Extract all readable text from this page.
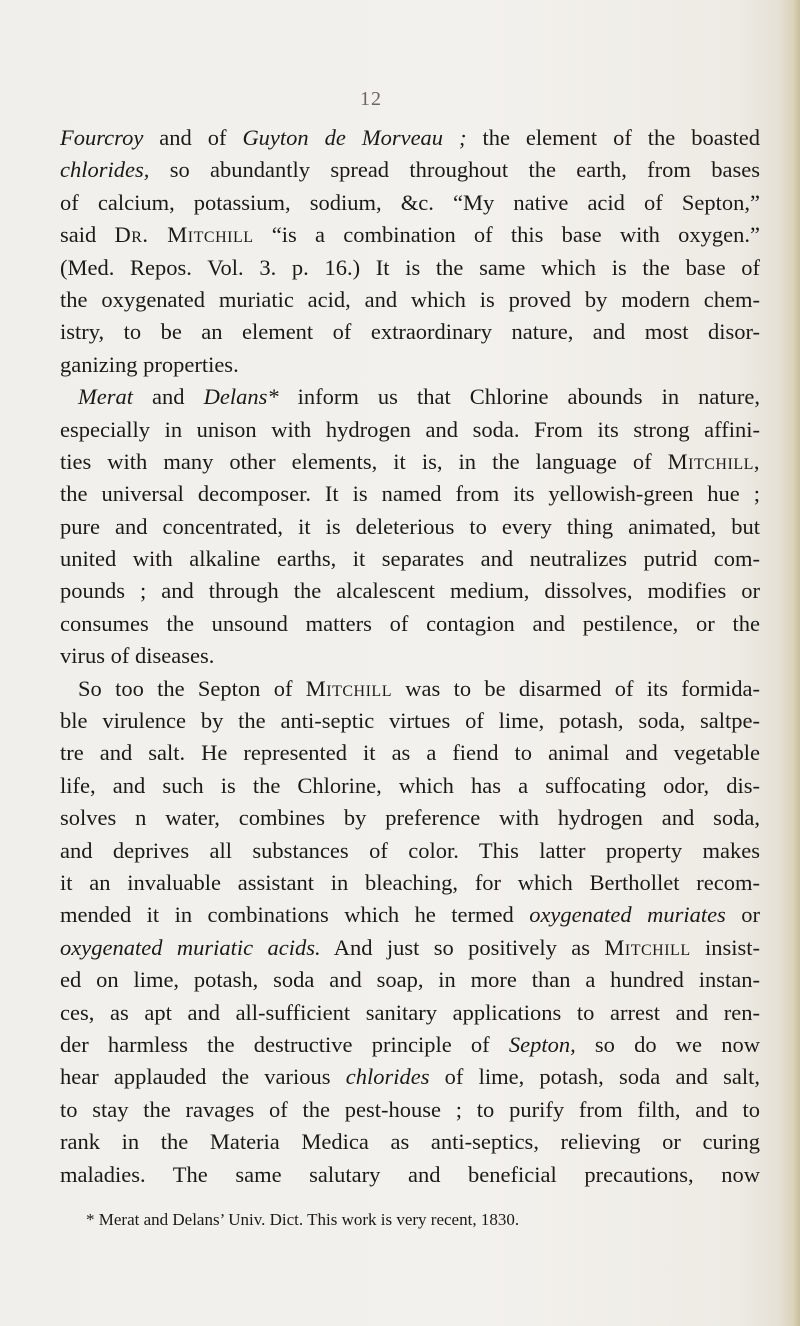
12
Fourcroy and of Guyton de Morveau ; the element of the boasted
chlorides, so abundantly spread throughout the earth, from bases
of calcium, potassium, sodium, &c. “My native acid of Septon,”
said Dr. Mitchill “is a combination of this base with oxygen.”
(Med. Repos. Vol. 3. p. 16.) It is the same which is the base of
the oxygenated muriatic acid, and which is proved by modern chem-
istry, to be an element of extraordinary nature, and most disor-
ganizing properties.
Merat and Delans* inform us that Chlorine abounds in nature,
especially in unison with hydrogen and soda. From its strong affini-
ties with many other elements, it is, in the language of Mitchill,
the universal decomposer. It is named from its yellowish-green hue ;
pure and concentrated, it is deleterious to every thing animated, but
united with alkaline earths, it separates and neutralizes putrid com-
pounds ; and through the alcalescent medium, dissolves, modifies or
consumes the unsound matters of contagion and pestilence, or the
virus of diseases.
So too the Septon of Mitchill was to be disarmed of its formida-
ble virulence by the anti-septic virtues of lime, potash, soda, saltpe-
tre and salt. He represented it as a fiend to animal and vegetable
life, and such is the Chlorine, which has a suffocating odor, dis-
solves n water, combines by preference with hydrogen and soda,
and deprives all substances of color. This latter property makes
it an invaluable assistant in bleaching, for which Berthollet recom-
mended it in combinations which he termed oxygenated muriates or
oxygenated muriatic acids. And just so positively as Mitchill insist-
ed on lime, potash, soda and soap, in more than a hundred instan-
ces, as apt and all-sufficient sanitary applications to arrest and ren-
der harmless the destructive principle of Septon, so do we now
hear applauded the various chlorides of lime, potash, soda and salt,
to stay the ravages of the pest-house ; to purify from filth, and to
rank in the Materia Medica as anti-septics, relieving or curing
maladies. The same salutary and beneficial precautions, now
* Merat and Delans’ Univ. Dict. This work is very recent, 1830.
